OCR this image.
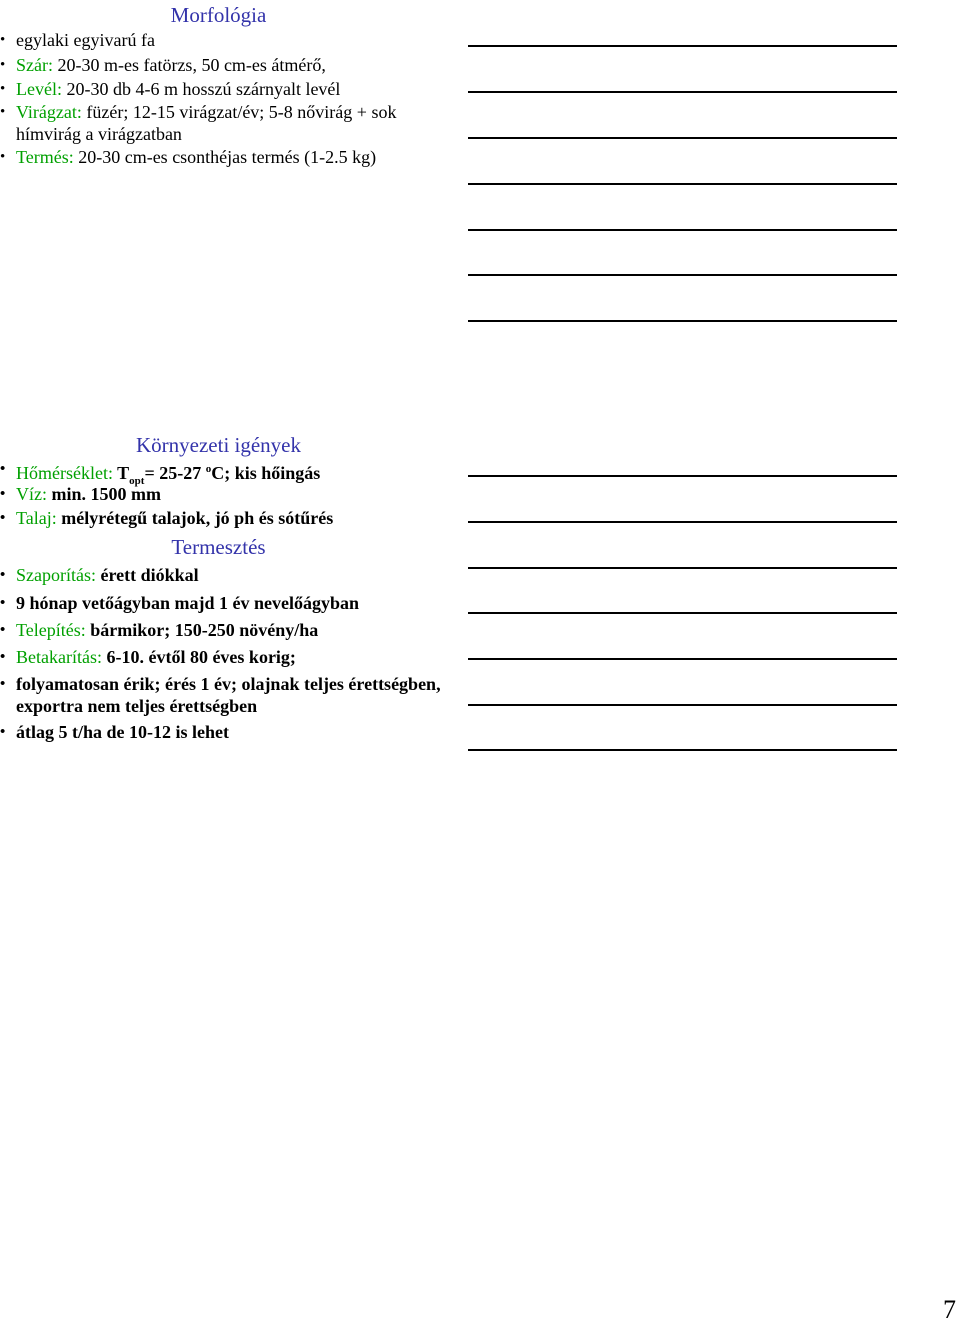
Morfológia
• egylaki egyivarú fa
• Szár: 20-30 m-es fatörzs, 50 cm-es átmérő,
• Levél: 20-30 db 4-6 m hosszú szárnyalt levél
• Virágzat: füzér; 12-15 virágzat/év; 5-8 nővirág + sok hímvirág a virágzatban
• Termés: 20-30 cm-es csonthéjas termés (1-2.5 kg)
Környezeti igények
• Hőmérséklet: $T_{opt}= 25-27$ $^o$C; kis hőingás
• Víz: min. 1500 mm
• Talaj: mélyrétegű talajok, jó ph és sótűrés
Termesztés
• Szaporítás: érett diókkal
• 9 hónap vetőágyban majd 1 év nevelőágyban
• Telepítés: bármikor; 150-250 növény/ha
• Betakarítás: 6-10. évtől 80 éves korig;
• folyamatosan érik; érés 1 év; olajnak teljes érettségben, exportra nem teljes érettségben
• átlag 5 t/ha de 10-12 is lehet
7
